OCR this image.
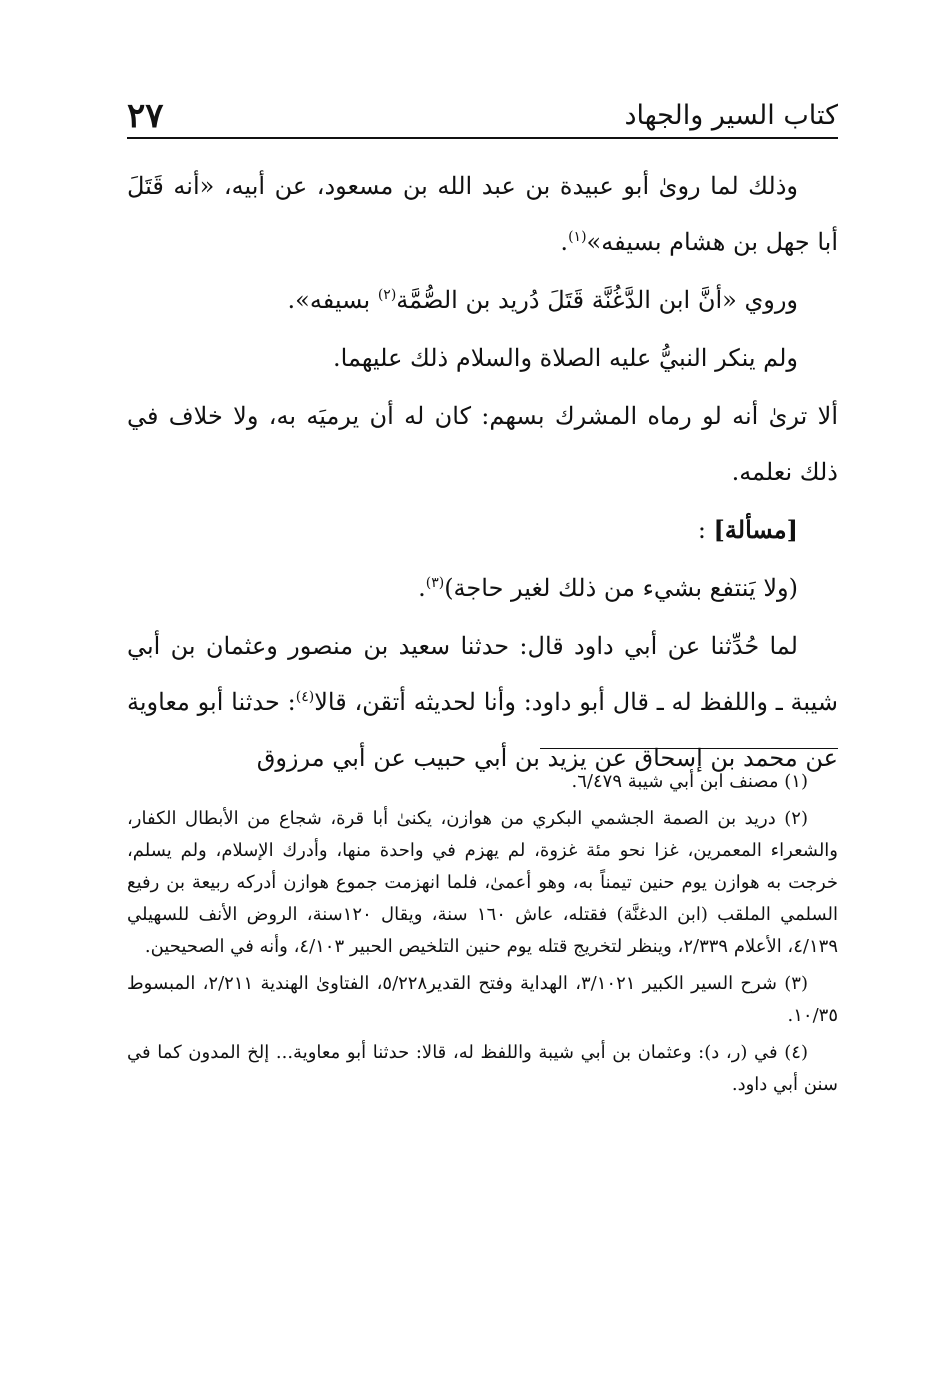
٢٧	كتاب السير والجهاد

وذلك لما روىٰ أبو عبيدة بن عبد الله بن مسعود، عن أبيه، «أنه قَتَلَ أبا جهل بن هشام بسيفه»$^{(١)}$.

وروي «أنَّ ابن الدَّغُنَّة قَتَلَ دُريد بن الصُّمَّة$^{(٢)}$ بسيفه».

ولم ينكر النبيُّ عليه الصلاة والسلام ذلك عليهما.

ألا ترىٰ أنه لو رماه المشرك بسهم: كان له أن يرميَه به، ولا خلاف في ذلك نعلمه.

[مسألة] :

(ولا يَنتفع بشيء من ذلك لغير حاجة)$^{(٣)}$.

لما حُدِّثنا عن أبي داود قال: حدثنا سعيد بن منصور وعثمان بن أبي شيبة ـ واللفظ له ـ قال أبو داود: وأنا لحديثه أتقن، قالا$^{(٤)}$: حدثنا أبو معاوية عن محمد بن إسحاق عن يزيد بن أبي حبيب عن أبي مرزوق

(١) مصنف ابن أبي شيبة ٦/٤٧٩.

(٢) دريد بن الصمة الجشمي البكري من هوازن، يكنىٰ أبا قرة، شجاع من الأبطال الكفار، والشعراء المعمرين، غزا نحو مئة غزوة، لم يهزم في واحدة منها، وأدرك الإسلام، ولم يسلم، خرجت به هوازن يوم حنين تيمناً به، وهو أعمىٰ، فلما انهزمت جموع هوازن أدركه ربيعة بن رفيع السلمي الملقب (ابن الدغنَّة) فقتله، عاش ١٦٠ سنة، ويقال ١٢٠سنة، الروض الأنف للسهيلي ٤/١٣٩، الأعلام ٢/٣٣٩، وينظر لتخريج قتله يوم حنين التلخيص الحبير ٤/١٠٣، وأنه في الصحيحين.

(٣) شرح السير الكبير ٣/١٠٢١، الهداية وفتح القدير٥/٢٢٨، الفتاوىٰ الهندية ٢/٢١١، المبسوط ١٠/٣٥.

(٤) في (ر، د): وعثمان بن أبي شيبة واللفظ له، قالا: حدثنا أبو معاوية... إلخ المدون كما في سنن أبي داود.
